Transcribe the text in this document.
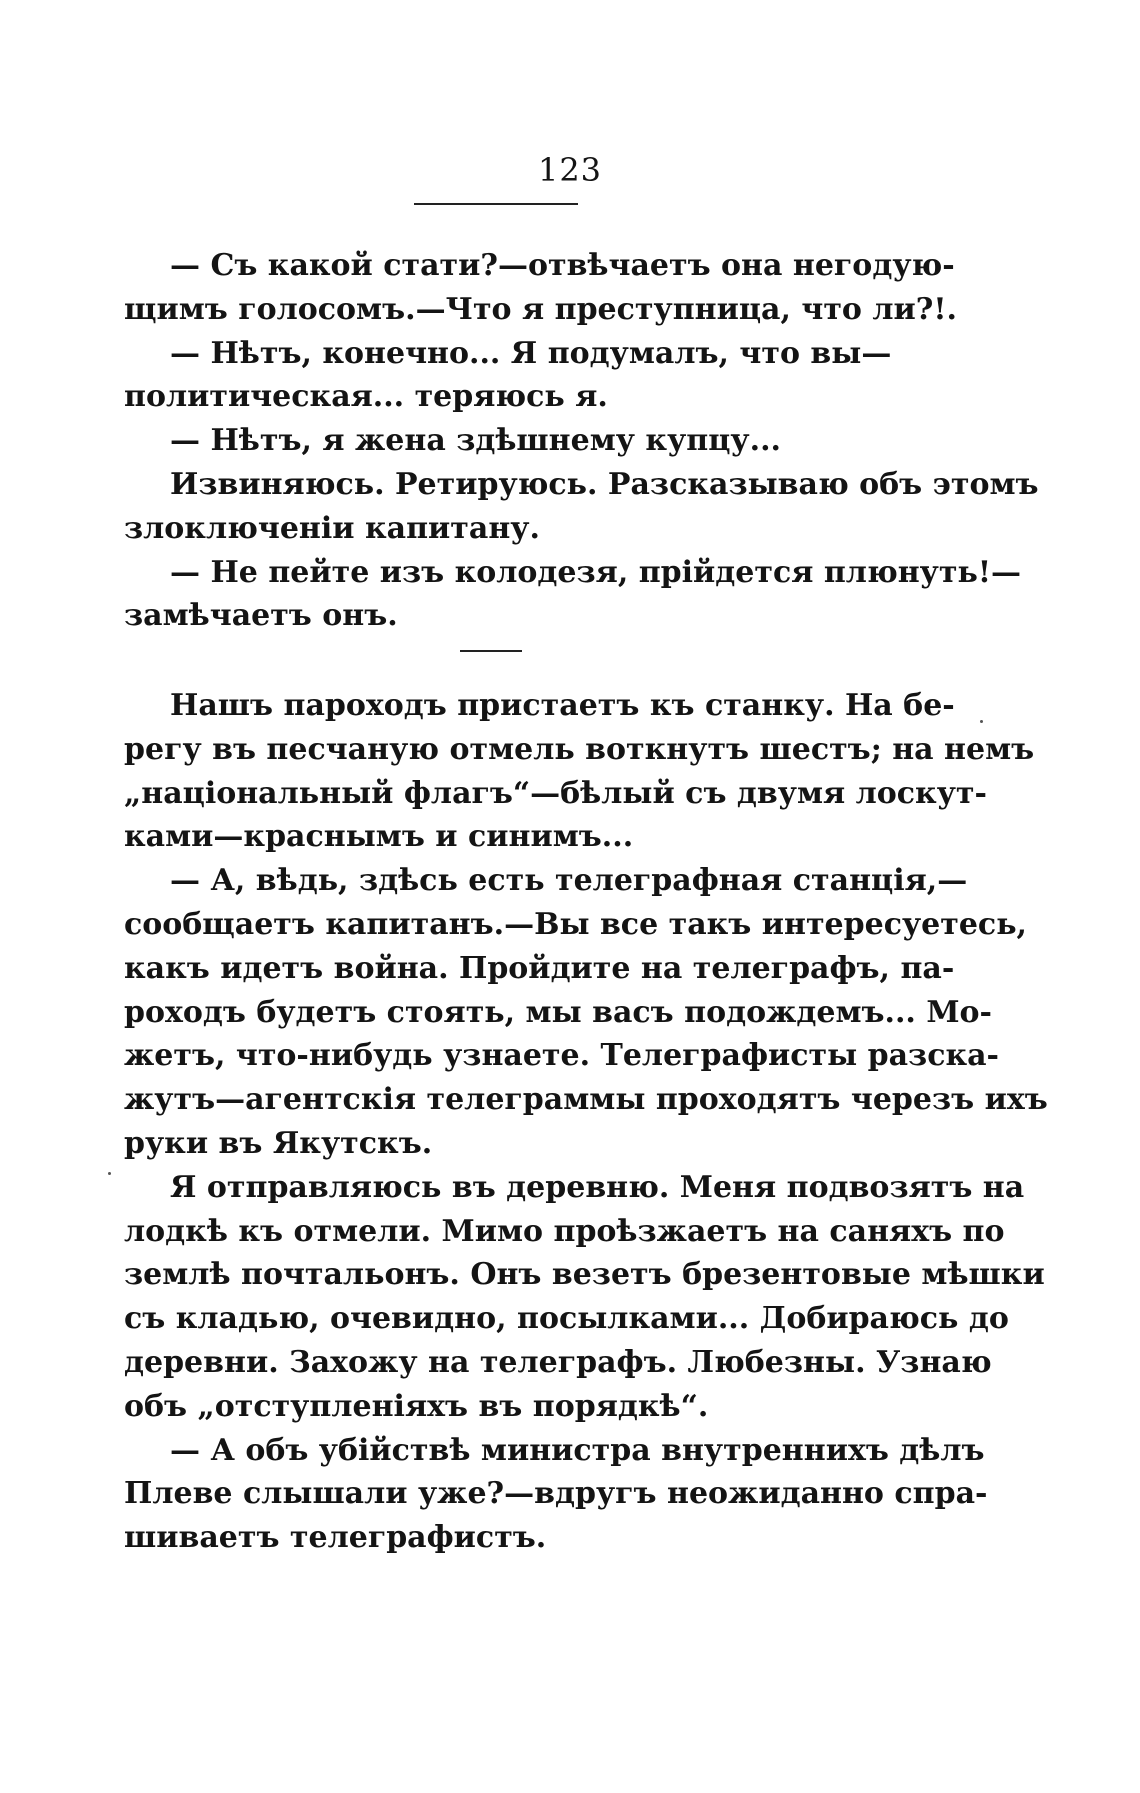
123
— Съ какой стати?—отвѣчаетъ она негодую-
щимъ голосомъ.—Что я преступница, что ли?!.
— Нѣтъ, конечно... Я подумалъ, что вы—
политическая... теряюсь я.
— Нѣтъ, я жена здѣшнему купцу...
Извиняюсь. Ретируюсь. Разсказываю объ этомъ
злоключеніи капитану.
— Не пейте изъ колодезя, прійдется плюнуть!—
замѣчаетъ онъ.
Нашъ пароходъ пристаетъ къ станку. На бе-
регу въ песчаную отмель воткнутъ шестъ; на немъ
„національный флагъ“—бѣлый съ двумя лоскут-
ками—краснымъ и синимъ...
— А, вѣдь, здѣсь есть телеграфная станція,—
сообщаетъ капитанъ.—Вы все такъ интересуетесь,
какъ идетъ война. Пройдите на телеграфъ, па-
роходъ будетъ стоять, мы васъ подождемъ... Мо-
жетъ, что-нибудь узнаете. Телеграфисты разска-
жутъ—агентскія телеграммы проходятъ черезъ ихъ
руки въ Якутскъ.
Я отправляюсь въ деревню. Меня подвозятъ на
лодкѣ къ отмели. Мимо проѣзжаетъ на саняхъ по
землѣ почтальонъ. Онъ везетъ брезентовые мѣшки
съ кладью, очевидно, посылками... Добираюсь до
деревни. Захожу на телеграфъ. Любезны. Узнаю
объ „отступленіяхъ въ порядкѣ“.
— А объ убійствѣ министра внутреннихъ дѣлъ
Плеве слышали уже?—вдругъ неожиданно спра-
шиваетъ телеграфистъ.
